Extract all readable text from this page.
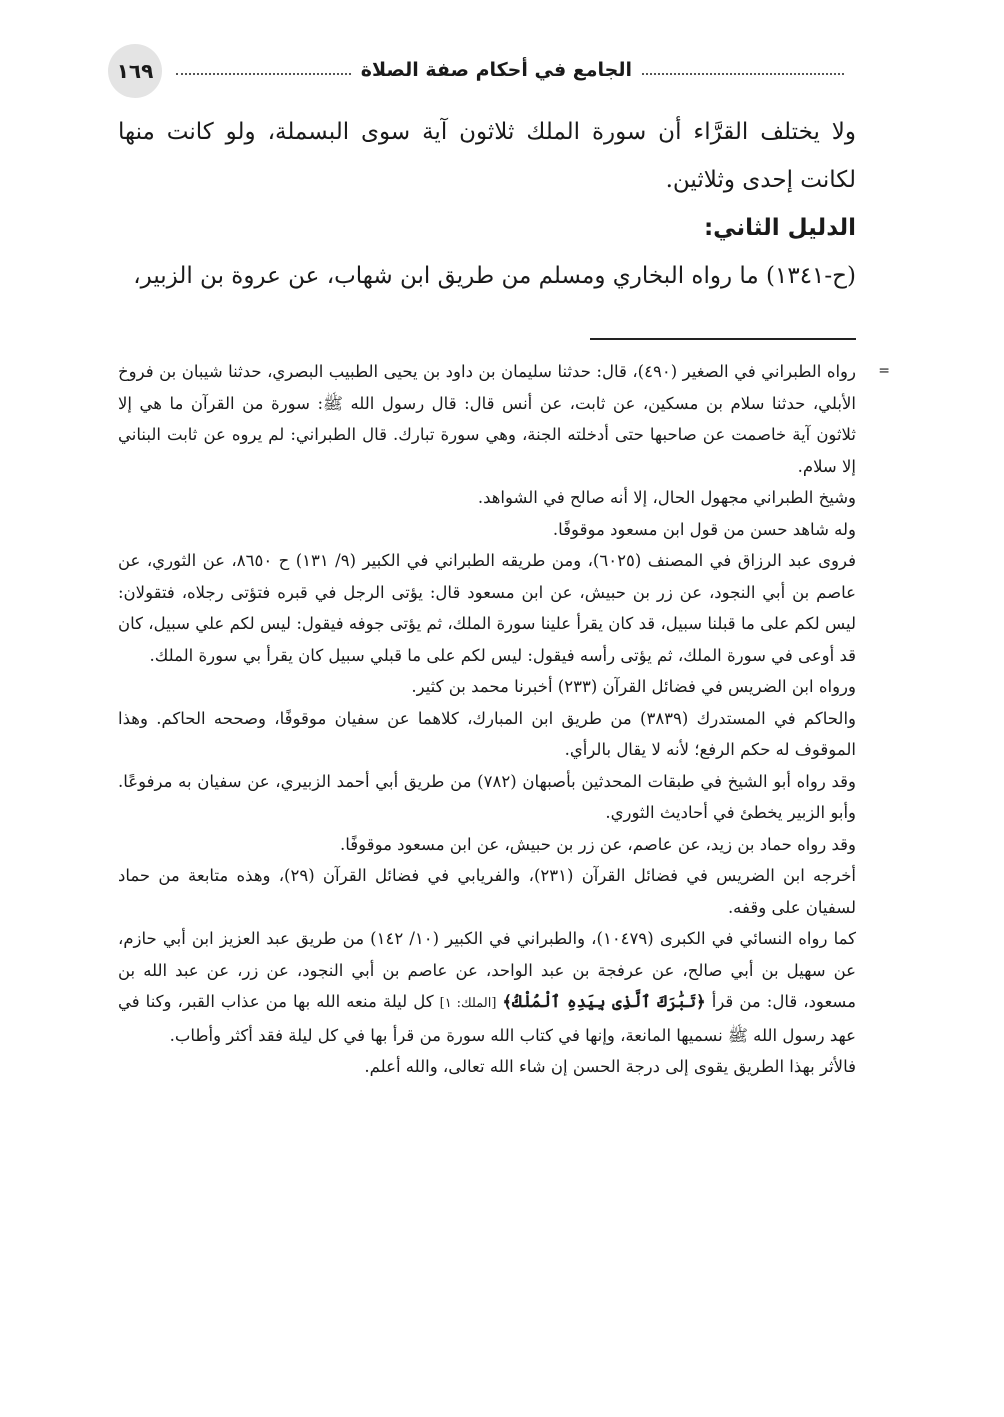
١٦٩	الجامع في أحكام صفة الصلاة

ولا يختلف القرَّاء أن سورة الملك ثلاثون آية سوى البسملة، ولو كانت منها لكانت إحدى وثلاثين.

الدليل الثاني:

(ح-١٣٤١) ما رواه البخاري ومسلم من طريق ابن شهاب، عن عروة بن الزبير،

=
رواه الطبراني في الصغير (٤٩٠)، قال: حدثنا سليمان بن داود بن يحيى الطبيب البصري، حدثنا شيبان بن فروخ الأبلي، حدثنا سلام بن مسكين، عن ثابت، عن أنس قال: قال رسول الله ﷺ: سورة من القرآن ما هي إلا ثلاثون آية خاصمت عن صاحبها حتى أدخلته الجنة، وهي سورة تبارك. قال الطبراني: لم يروه عن ثابت البناني إلا سلام.

وشيخ الطبراني مجهول الحال، إلا أنه صالح في الشواهد.

وله شاهد حسن من قول ابن مسعود موقوفًا.

فروى عبد الرزاق في المصنف (٦٠٢٥)، ومن طريقه الطبراني في الكبير (٩/ ١٣١) ح ٨٦٥٠، عن الثوري، عن عاصم بن أبي النجود، عن زر بن حبيش، عن ابن مسعود قال: يؤتى الرجل في قبره فتؤتى رجلاه، فتقولان: ليس لكم على ما قبلنا سبيل، قد كان يقرأ علينا سورة الملك، ثم يؤتى جوفه فيقول: ليس لكم علي سبيل، كان قد أوعى في سورة الملك، ثم يؤتى رأسه فيقول: ليس لكم على ما قبلي سبيل كان يقرأ بي سورة الملك.

ورواه ابن الضريس في فضائل القرآن (٢٣٣) أخبرنا محمد بن كثير.

والحاكم في المستدرك (٣٨٣٩) من طريق ابن المبارك، كلاهما عن سفيان موقوفًا، وصححه الحاكم. وهذا الموقوف له حكم الرفع؛ لأنه لا يقال بالرأي.

وقد رواه أبو الشيخ في طبقات المحدثين بأصبهان (٧٨٢) من طريق أبي أحمد الزبيري، عن سفيان به مرفوعًا. وأبو الزبير يخطئ في أحاديث الثوري.

وقد رواه حماد بن زيد، عن عاصم، عن زر بن حبيش، عن ابن مسعود موقوفًا.

أخرجه ابن الضريس في فضائل القرآن (٢٣١)، والفريابي في فضائل القرآن (٢٩)، وهذه متابعة من حماد لسفيان على وقفه.

كما رواه النسائي في الكبرى (١٠٤٧٩)، والطبراني في الكبير (١٠/ ١٤٢) من طريق عبد العزيز ابن أبي حازم، عن سهيل بن أبي صالح، عن عرفجة بن عبد الواحد، عن عاصم بن أبي النجود، عن زر، عن عبد الله بن مسعود، قال: من قرأ ﴿تَبَٰرَكَ ٱلَّذِى بِيَدِهِ ٱلْمُلْكُ﴾ [الملك: ١] كل ليلة منعه الله بها من عذاب القبر، وكنا في عهد رسول الله ﷺ نسميها المانعة، وإنها في كتاب الله سورة من قرأ بها في كل ليلة فقد أكثر وأطاب.

فالأثر بهذا الطريق يقوى إلى درجة الحسن إن شاء الله تعالى، والله أعلم.
